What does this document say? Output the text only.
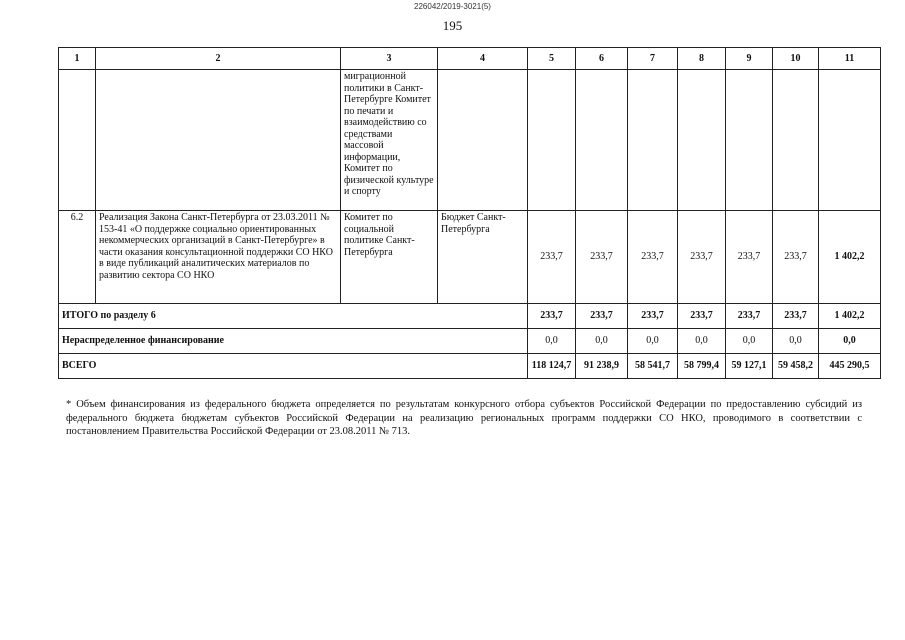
226042/2019-3021(5)
195
1	2	3	4	5	6	7	8	9	10	11
		миграционной политики в Санкт-Петербурге Комитет по печати и взаимодействию со средствами массовой информации, Комитет по физической культуре и спорту								
6.2	Реализация Закона Санкт-Петербурга от 23.03.2011 № 153-41 «О поддержке социально ориентированных некоммерческих организаций в Санкт-Петербурге» в части оказания консультационной поддержки СО НКО в виде публикаций аналитических материалов по развитию сектора СО НКО	Комитет по социальной политике Санкт-Петербурга	Бюджет Санкт-Петербурга	233,7	233,7	233,7	233,7	233,7	233,7	1 402,2
ИТОГО по разделу 6				233,7	233,7	233,7	233,7	233,7	233,7	1 402,2
Нераспределенное финансирование				0,0	0,0	0,0	0,0	0,0	0,0	0,0
ВСЕГО				118 124,7	91 238,9	58 541,7	58 799,4	59 127,1	59 458,2	445 290,5
* Объем финансирования из федерального бюджета определяется по результатам конкурсного отбора субъектов Российской Федерации по предоставлению субсидий из федерального бюджета бюджетам субъектов Российской Федерации на реализацию региональных программ поддержки СО НКО, проводимого в соответствии с постановлением Правительства Российской Федерации от 23.08.2011 № 713.
